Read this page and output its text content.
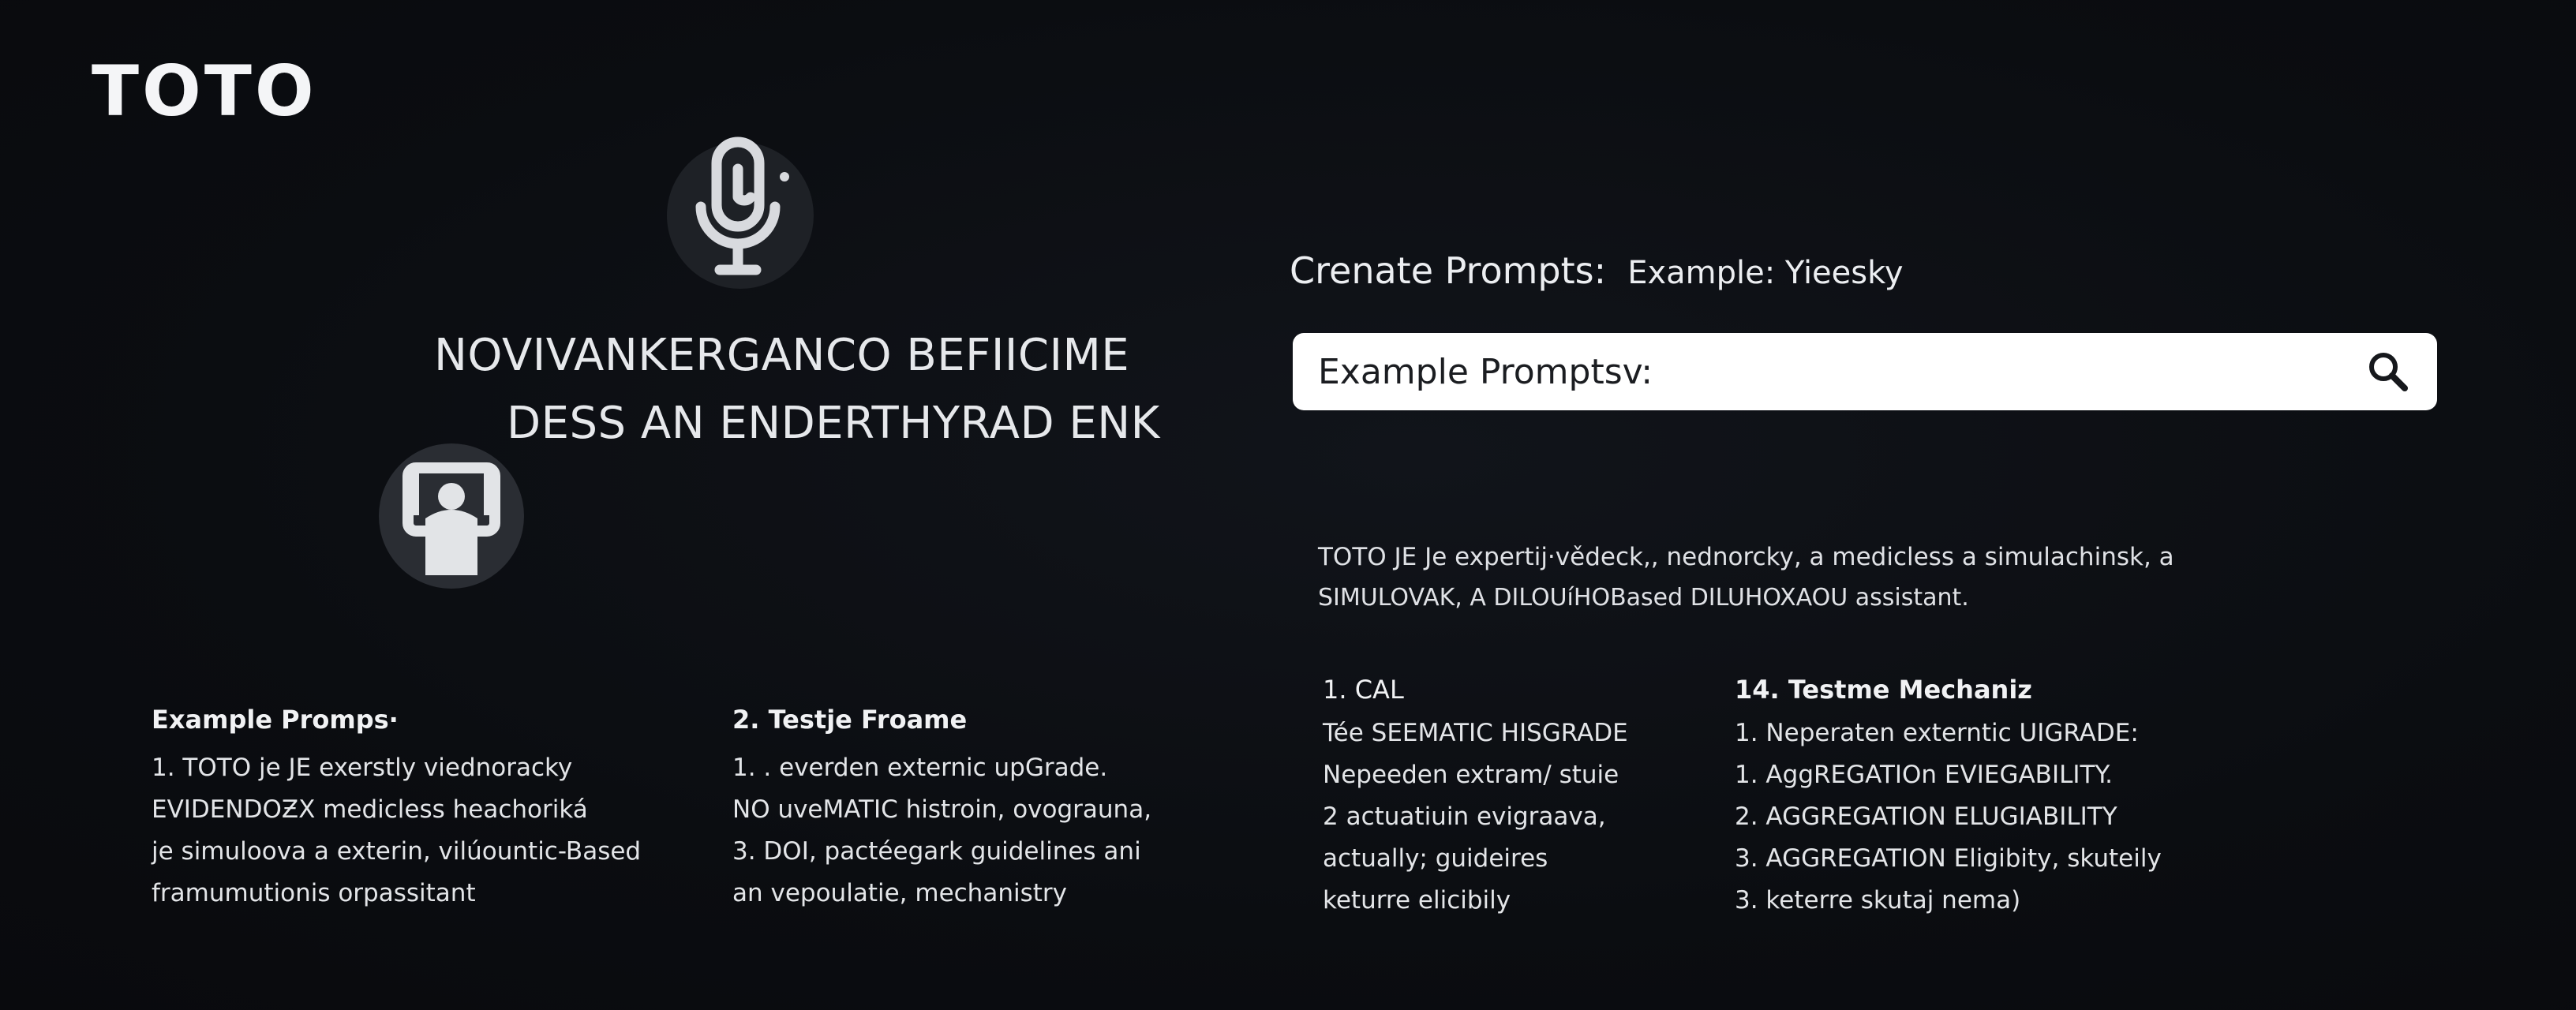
TOTO
NOVIVANKERGANCO BEFIICIME
DESS AN ENDERTHYRAD ENK
Crenate Prompts: Example: Yieesky
Example Promptsv:
TOTO JE Je expertij·vědeck,, nednorcky, a medicless a simulachinsk, a
SIMULOVAK, A DILOUíHOBased DILUHOXAOU assistant.
Example Promps·
1. TOTO je JE exerstly viednoracky
EVIDENDOƵX medicless heachoriká
je simuloova a exterin, vilúountic-Based
framumutionis orpassitant
2. Testje Froame
1. . everden externic upGrade.
NO uveMATIC histroin, ovograuna,
3. DOI, pactéegark guidelines ani
an vepoulatie, mechanistry
1. CAL
Tée SEEMATIC HISGRADE
Nepeeden extram/ stuie
2 actuatiuin evigraava,
actually; guideires
keturre elicibily
14. Testme Mechaniz
1. Neperaten externtic UIGRADE:
1. AggREGATIOn EVIEGABILITY.
2. AGGREGATION ELUGIABILITY
3. AGGREGATION Eligibity, skuteily
3. keterre skutaj nema)
